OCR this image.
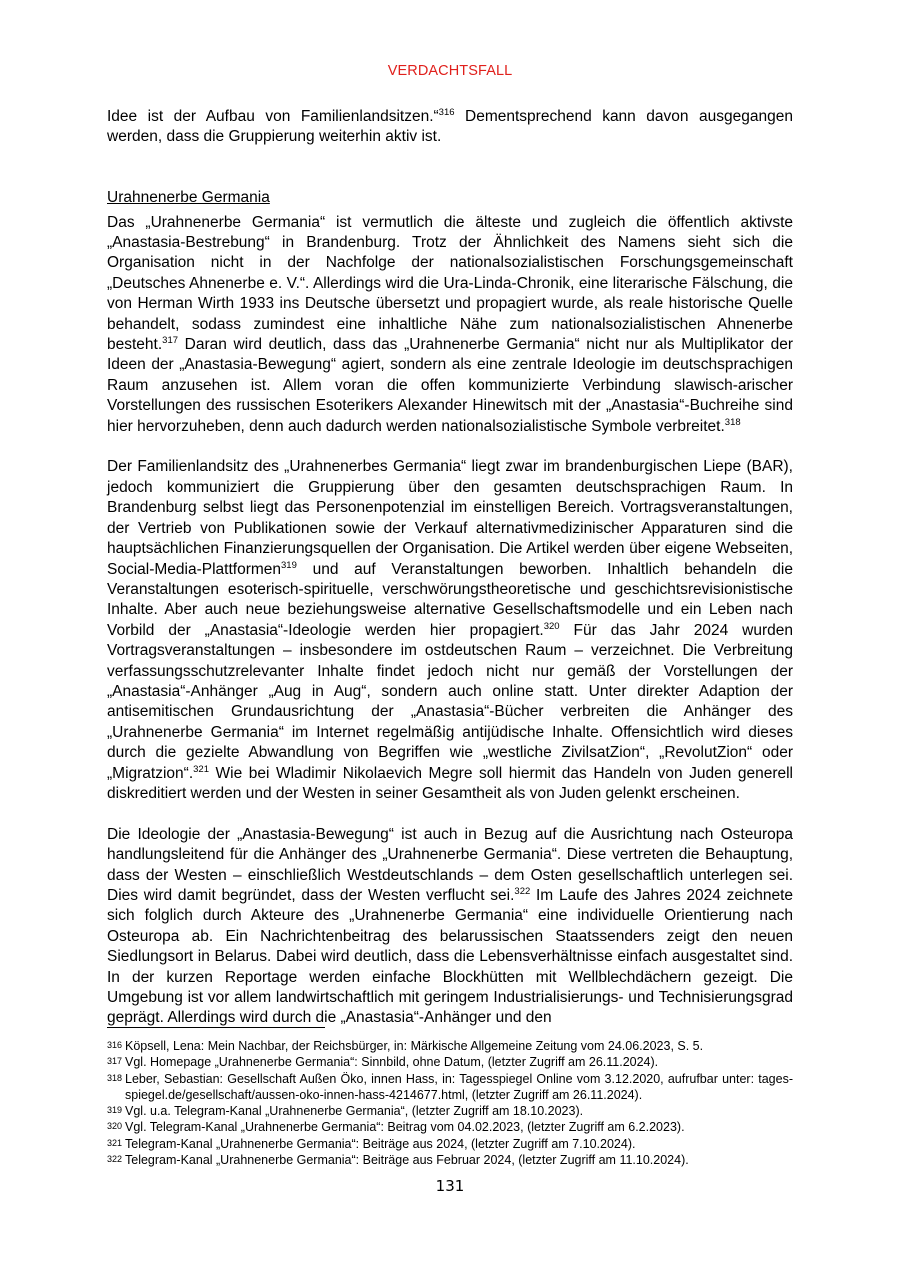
VERDACHTSFALL

Idee ist der Aufbau von Familienlandsitzen.“$^{316}$ Dementsprechend kann davon ausgegangen werden, dass die Gruppierung weiterhin aktiv ist.

Urahnenerbe Germania

Das „Urahnenerbe Germania“ ist vermutlich die älteste und zugleich die öffentlich aktivste „Anastasia-Bestrebung“ in Brandenburg. Trotz der Ähnlichkeit des Namens sieht sich die Organisation nicht in der Nachfolge der nationalsozialistischen Forschungsgemeinschaft „Deutsches Ahnenerbe e. V.“. Allerdings wird die Ura-Linda-Chronik, eine literarische Fälschung, die von Herman Wirth 1933 ins Deutsche übersetzt und propagiert wurde, als reale historische Quelle behandelt, sodass zumindest eine inhaltliche Nähe zum nationalsozialistischen Ahnenerbe besteht.$^{317}$ Daran wird deutlich, dass das „Urahnenerbe Germania“ nicht nur als Multiplikator der Ideen der „Anastasia-Bewegung“ agiert, sondern als eine zentrale Ideologie im deutschsprachigen Raum anzusehen ist. Allem voran die offen kommunizierte Verbindung slawisch-arischer Vorstellungen des russischen Esoterikers Alexander Hinewitsch mit der „Anastasia“-Buchreihe sind hier hervorzuheben, denn auch dadurch werden nationalsozialistische Symbole verbreitet.$^{318}$

Der Familienlandsitz des „Urahnenerbes Germania“ liegt zwar im brandenburgischen Liepe (BAR), jedoch kommuniziert die Gruppierung über den gesamten deutschsprachigen Raum. In Brandenburg selbst liegt das Personenpotenzial im einstelligen Bereich. Vortragsveranstaltungen, der Vertrieb von Publikationen sowie der Verkauf alternativmedizinischer Apparaturen sind die hauptsächlichen Finanzierungsquellen der Organisation. Die Artikel werden über eigene Webseiten, Social-Media-Plattformen$^{319}$ und auf Veranstaltungen beworben. Inhaltlich behandeln die Veranstaltungen esoterisch-spirituelle, verschwörungstheoretische und geschichtsrevisionistische Inhalte. Aber auch neue beziehungsweise alternative Gesellschaftsmodelle und ein Leben nach Vorbild der „Anastasia“-Ideologie werden hier propagiert.$^{320}$ Für das Jahr 2024 wurden Vortragsveranstaltungen – insbesondere im ostdeutschen Raum – verzeichnet. Die Verbreitung verfassungsschutzrelevanter Inhalte findet jedoch nicht nur gemäß der Vorstellungen der „Anastasia“-Anhänger „Aug in Aug“, sondern auch online statt. Unter direkter Adaption der antisemitischen Grundausrichtung der „Anastasia“-Bücher verbreiten die Anhänger des „Urahnenerbe Germania“ im Internet regelmäßig antijüdische Inhalte. Offensichtlich wird dieses durch die gezielte Abwandlung von Begriffen wie „westliche ZivilsatZion“, „RevolutZion“ oder „Migratzion“.$^{321}$ Wie bei Wladimir Nikolaevich Megre soll hiermit das Handeln von Juden generell diskreditiert werden und der Westen in seiner Gesamtheit als von Juden gelenkt erscheinen.

Die Ideologie der „Anastasia-Bewegung“ ist auch in Bezug auf die Ausrichtung nach Osteuropa handlungsleitend für die Anhänger des „Urahnenerbe Germania“. Diese vertreten die Behauptung, dass der Westen – einschließlich Westdeutschlands – dem Osten gesellschaftlich unterlegen sei. Dies wird damit begründet, dass der Westen verflucht sei.$^{322}$ Im Laufe des Jahres 2024 zeichnete sich folglich durch Akteure des „Urahnenerbe Germania“ eine individuelle Orientierung nach Osteuropa ab. Ein Nachrichtenbeitrag des belarussischen Staatssenders zeigt den neuen Siedlungsort in Belarus. Dabei wird deutlich, dass die Lebensverhältnisse einfach ausgestaltet sind. In der kurzen Reportage werden einfache Blockhütten mit Wellblechdächern gezeigt. Die Umgebung ist vor allem landwirtschaftlich mit geringem Industrialisierungs- und Technisierungsgrad geprägt. Allerdings wird durch die „Anastasia“-Anhänger und den

316 Köpsell, Lena: Mein Nachbar, der Reichsbürger, in: Märkische Allgemeine Zeitung vom 24.06.2023, S. 5.
317 Vgl. Homepage „Urahnenerbe Germania“: Sinnbild, ohne Datum, (letzter Zugriff am 26.11.2024).
318 Leber, Sebastian: Gesellschaft Außen Öko, innen Hass, in: Tagesspiegel Online vom 3.12.2020, aufrufbar unter: tagesspiegel.de/gesellschaft/aussen-oko-innen-hass-4214677.html, (letzter Zugriff am 26.11.2024).
319 Vgl. u.a. Telegram-Kanal „Urahnenerbe Germania“, (letzter Zugriff am 18.10.2023).
320 Vgl. Telegram-Kanal „Urahnenerbe Germania“: Beitrag vom 04.02.2023, (letzter Zugriff am 6.2.2023).
321 Telegram-Kanal „Urahnenerbe Germania“: Beiträge aus 2024, (letzter Zugriff am 7.10.2024).
322 Telegram-Kanal „Urahnenerbe Germania“: Beiträge aus Februar 2024, (letzter Zugriff am 11.10.2024).
131
